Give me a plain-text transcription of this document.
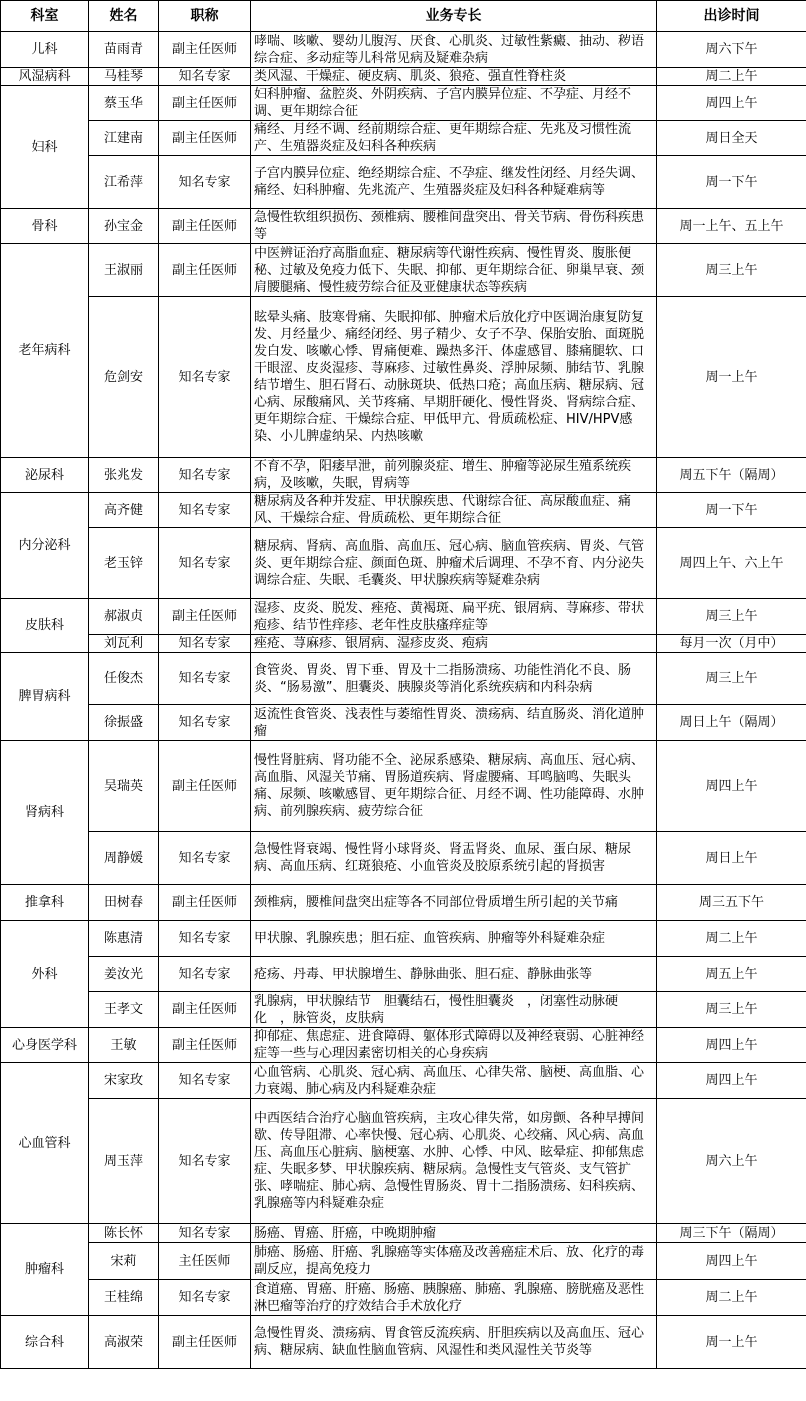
科室	姓名	职称	业务专长	出诊时间
儿科	苗雨青	副主任医师	哮喘、咳嗽、婴幼儿腹泻、厌食、心肌炎、过敏性紫癜、抽动、秽语综合症、多动症等儿科常见病及疑难杂病	周六下午
风湿病科	马桂琴	知名专家	类风湿、干燥症、硬皮病、肌炎、狼疮、强直性脊柱炎	周二上午
妇科	蔡玉华	副主任医师	妇科肿瘤、盆腔炎、外阴疾病、子宫内膜异位症、不孕症、月经不调、更年期综合征	周四上午
	江建南	副主任医师	痛经、月经不调、经前期综合症、更年期综合症、先兆及习惯性流产、生殖器炎症及妇科各种疾病	周日全天
	江希萍	知名专家	子宫内膜异位症、绝经期综合症、不孕症、继发性闭经、月经失调、痛经、妇科肿瘤、先兆流产、生殖器炎症及妇科各种疑难病等	周一下午
骨科	孙宝金	副主任医师	急慢性软组织损伤、颈椎病、腰椎间盘突出、骨关节病、骨伤科疾患等	周一上午、五上午
老年病科	王淑丽	副主任医师	中医辨证治疗高脂血症、糖尿病等代谢性疾病、慢性胃炎、腹胀便秘、过敏及免疫力低下、失眠、抑郁、更年期综合征、卵巢早衰、颈肩腰腿痛、慢性疲劳综合征及亚健康状态等疾病	周三上午
	危剑安	知名专家	眩晕头痛、肢寒骨痛、失眠抑郁、肿瘤术后放化疗中医调治康复防复发、月经量少、痛经闭经、男子精少、女子不孕、保胎安胎、面斑脱发白发、咳嗽心悸、胃痛便难、躁热多汗、体虚感冒、膝痛腿软、口干眼涩、皮炎湿疹、荨麻疹、过敏性鼻炎、浮肿尿频、肺结节、乳腺结节增生、胆石肾石、动脉斑块、低热口疮；高血压病、糖尿病、冠心病、尿酸痛风、关节疼痛、早期肝硬化、慢性肾炎、肾病综合症、更年期综合症、干燥综合症、甲低甲亢、骨质疏松症、HIV/HPV感染、小儿脾虚纳呆、内热咳嗽	周一上午
泌尿科	张兆发	知名专家	不育不孕，阳痿早泄，前列腺炎症、增生、肿瘤等泌尿生殖系统疾病，及咳嗽，失眠，胃病等	周五下午（隔周）
内分泌科	高齐健	知名专家	糖尿病及各种并发症、甲状腺疾患、代谢综合征、高尿酸血症、痛风、干燥综合症、骨质疏松、更年期综合征	周一下午
	老玉锌	知名专家	糖尿病、肾病、高血脂、高血压、冠心病、脑血管疾病、胃炎、气管炎、更年期综合症、颜面色斑、肿瘤术后调理、不孕不育、内分泌失调综合症、失眠、毛囊炎、甲状腺疾病等疑难杂病	周四上午、六上午
皮肤科	郝淑贞	副主任医师	湿疹、皮炎、脱发、痤疮、黄褐斑、扁平疣、银屑病、荨麻疹、带状疱疹、结节性痒疹、老年性皮肤瘙痒症等	周三上午
	刘瓦利	知名专家	痤疮、荨麻疹、银屑病、湿疹皮炎、疱病	每月一次（月中）
脾胃病科	任俊杰	知名专家	食管炎、胃炎、胃下垂、胃及十二指肠溃疡、功能性消化不良、肠炎、“肠易激”、胆囊炎、胰腺炎等消化系统疾病和内科杂病	周三上午
	徐振盛	知名专家	返流性食管炎、浅表性与萎缩性胃炎、溃疡病、结直肠炎、消化道肿瘤	周日上午（隔周）
肾病科	吴瑞英	副主任医师	慢性肾脏病、肾功能不全、泌尿系感染、糖尿病、高血压、冠心病、高血脂、风湿关节痛、胃肠道疾病、肾虚腰痛、耳鸣脑鸣、失眠头痛、尿频、咳嗽感冒、更年期综合征、月经不调、性功能障碍、水肿病、前列腺疾病、疲劳综合征	周四上午
	周静媛	知名专家	急慢性肾衰竭、慢性肾小球肾炎、肾盂肾炎、血尿、蛋白尿、糖尿病、高血压病、红斑狼疮、小血管炎及胶原系统引起的肾损害	周日上午
推拿科	田树春	副主任医师	颈椎病，腰椎间盘突出症等各不同部位骨质增生所引起的关节痛	周三五下午
外科	陈惠清	知名专家	甲状腺、乳腺疾患；胆石症、血管疾病、肿瘤等外科疑难杂症	周二上午
	姜汝光	知名专家	疮疡、丹毒、甲状腺增生、静脉曲张、胆石症、静脉曲张等	周五上午
	王孝文	副主任医师	乳腺病，甲状腺结节　胆囊结石，慢性胆囊炎　，闭塞性动脉硬化　，脉管炎，皮肤病	周三上午
心身医学科	王敏	副主任医师	抑郁症、焦虑症、进食障碍、躯体形式障碍以及神经衰弱、心脏神经症等一些与心理因素密切相关的心身疾病	周四上午
心血管科	宋家玫	知名专家	心血管病、心肌炎、冠心病、高血压、心律失常、脑梗、高血脂、心力衰竭、肺心病及内科疑难杂症	周四上午
	周玉萍	知名专家	中西医结合治疗心脑血管疾病，主攻心律失常，如房颤、各种早搏间歇、传导阻滞、心率快慢、冠心病、心肌炎、心绞痛、风心病、高血压、高血压心脏病、脑梗塞、水肿、心悸、中风、眩晕症、抑郁焦虑症、失眠多梦、甲状腺疾病、糖尿病。急慢性支气管炎、支气管扩张、哮喘症、肺心病、急慢性胃肠炎、胃十二指肠溃疡、妇科疾病、乳腺癌等内科疑难杂症	周六上午
肿瘤科	陈长怀	知名专家	肠癌、胃癌、肝癌，中晚期肿瘤	周三下午（隔周）
	宋莉	主任医师	肺癌、肠癌、肝癌、乳腺癌等实体癌及改善癌症术后、放、化疗的毒副反应，提高免疫力	周四上午
	王桂绵	知名专家	食道癌、胃癌、肝癌、肠癌、胰腺癌、肺癌、乳腺癌、膀胱癌及恶性淋巴瘤等治疗的疗效结合手术放化疗	周二上午
综合科	高淑荣	副主任医师	急慢性胃炎、溃疡病、胃食管反流疾病、肝胆疾病以及高血压、冠心病、糖尿病、缺血性脑血管病、风湿性和类风湿性关节炎等	周一上午
